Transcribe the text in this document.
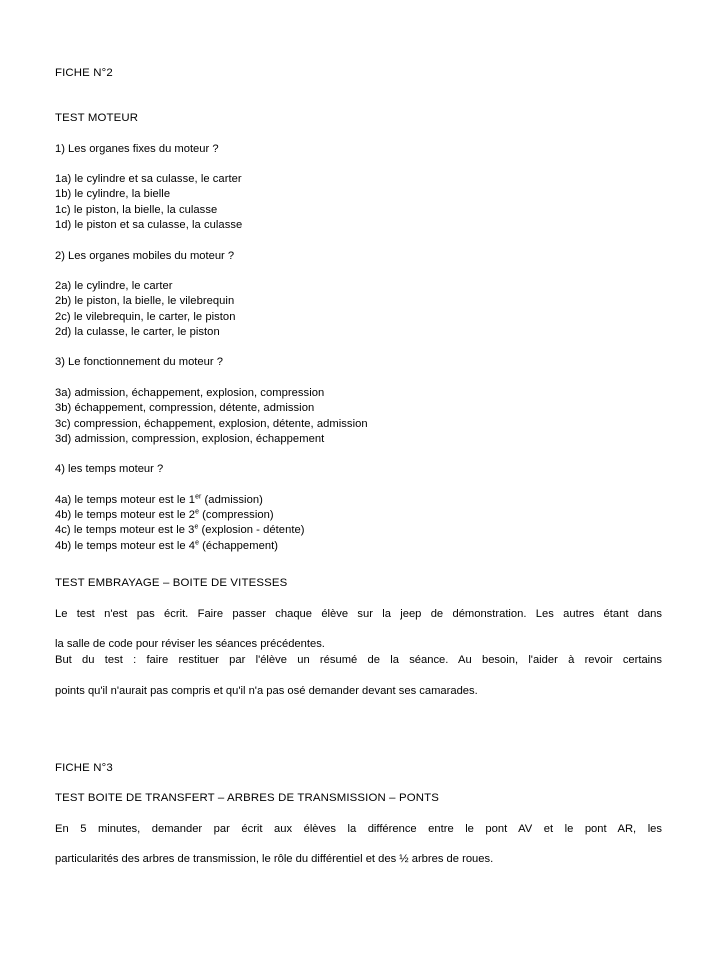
FICHE N°2
TEST MOTEUR
1) Les organes fixes du moteur ?
1a) le cylindre et sa culasse, le carter
1b) le cylindre, la bielle
1c) le piston, la bielle, la culasse
1d) le piston et sa culasse, la culasse
2) Les organes mobiles du moteur ?
2a) le cylindre, le carter
2b) le piston, la bielle, le vilebrequin
2c) le vilebrequin, le carter, le piston
2d) la culasse, le carter, le piston
3) Le fonctionnement du moteur ?
3a) admission, échappement, explosion, compression
3b) échappement, compression, détente, admission
3c) compression, échappement, explosion, détente, admission
3d) admission, compression, explosion, échappement
4) les temps moteur ?
4a) le temps moteur est le 1er (admission)
4b) le temps moteur est le 2e (compression)
4c) le temps moteur est le 3e (explosion - détente)
4b) le temps moteur est le 4e (échappement)
TEST EMBRAYAGE – BOITE DE VITESSES
Le test n'est pas écrit. Faire passer chaque élève sur la jeep de démonstration. Les autres étant dans
la salle de code pour réviser les séances précédentes.
But du test : faire restituer par l'élève un résumé de la séance. Au besoin, l'aider à revoir certains
points qu'il n'aurait pas compris et qu'il n'a pas osé demander devant ses camarades.
FICHE N°3
TEST BOITE DE TRANSFERT – ARBRES DE TRANSMISSION – PONTS
En 5 minutes, demander par écrit aux élèves la différence entre le pont AV et le pont AR, les
particularités des arbres de transmission, le rôle du différentiel et des ½ arbres de roues.
